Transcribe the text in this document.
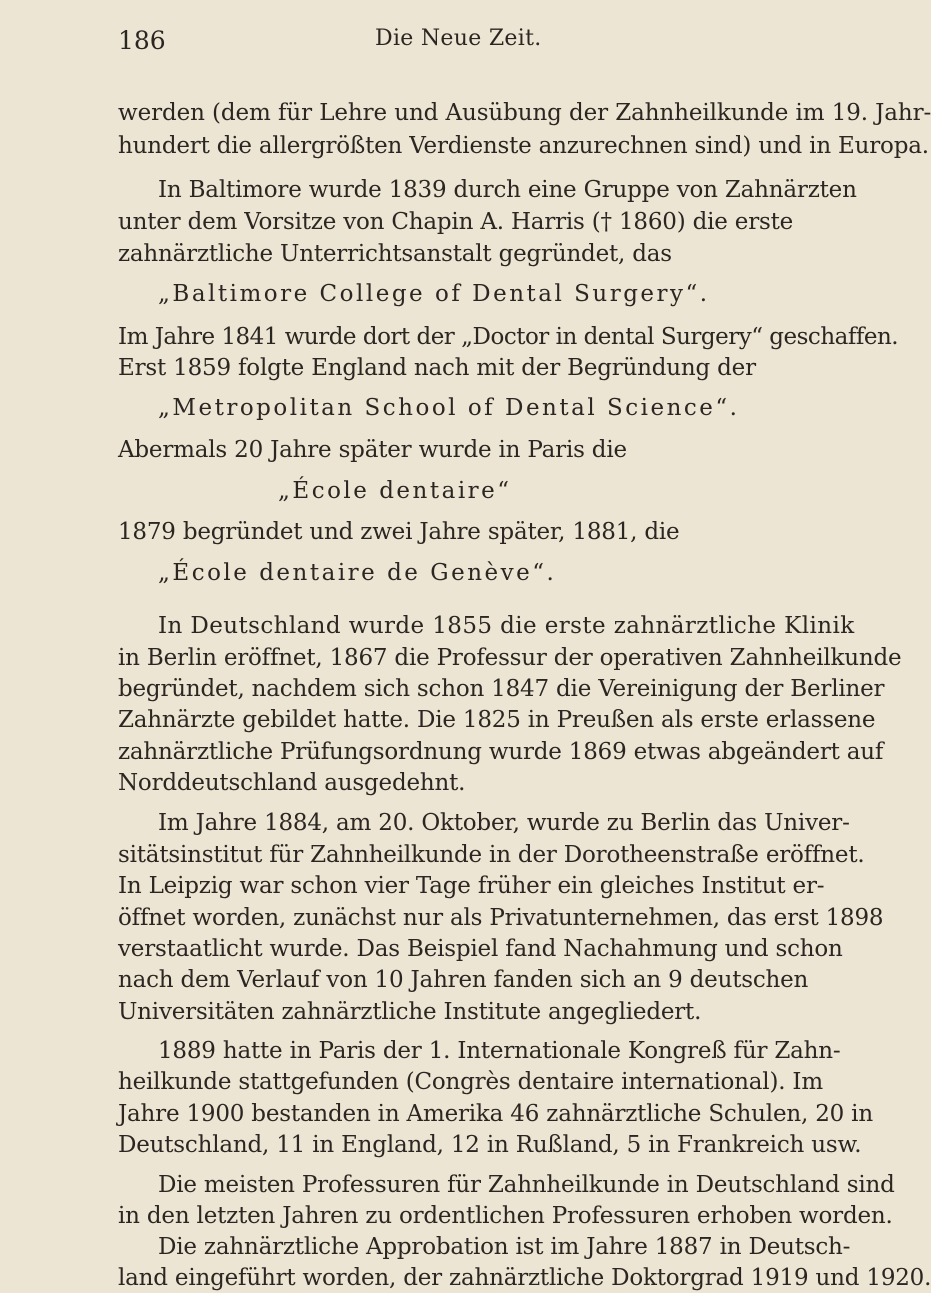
186	Die Neue Zeit.
werden (dem für Lehre und Ausübung der Zahnheilkunde im 19. Jahr-
hundert die allergrößten Verdienste anzurechnen sind) und in Europa.
In Baltimore wurde 1839 durch eine Gruppe von Zahnärzten
unter dem Vorsitze von Chapin A. Harris († 1860) die erste
zahnärztliche Unterrichtsanstalt gegründet, das
„Baltimore College of Dental Surgery“.
Im Jahre 1841 wurde dort der „Doctor in dental Surgery“ geschaffen.
Erst 1859 folgte England nach mit der Begründung der
„Metropolitan School of Dental Science“.
Abermals 20 Jahre später wurde in Paris die
„École dentaire“
1879 begründet und zwei Jahre später, 1881, die
„École dentaire de Genève“.
In Deutschland wurde 1855 die erste zahnärztliche Klinik
in Berlin eröffnet, 1867 die Professur der operativen Zahnheilkunde
begründet, nachdem sich schon 1847 die Vereinigung der Berliner
Zahnärzte gebildet hatte. Die 1825 in Preußen als erste erlassene
zahnärztliche Prüfungsordnung wurde 1869 etwas abgeändert auf
Norddeutschland ausgedehnt.
Im Jahre 1884, am 20. Oktober, wurde zu Berlin das Univer-
sitätsinstitut für Zahnheilkunde in der Dorotheenstraße eröffnet.
In Leipzig war schon vier Tage früher ein gleiches Institut er-
öffnet worden, zunächst nur als Privatunternehmen, das erst 1898
verstaatlicht wurde. Das Beispiel fand Nachahmung und schon
nach dem Verlauf von 10 Jahren fanden sich an 9 deutschen
Universitäten zahnärztliche Institute angegliedert.
1889 hatte in Paris der 1. Internationale Kongreß für Zahn-
heilkunde stattgefunden (Congrès dentaire international). Im
Jahre 1900 bestanden in Amerika 46 zahnärztliche Schulen, 20 in
Deutschland, 11 in England, 12 in Rußland, 5 in Frankreich usw.
Die meisten Professuren für Zahnheilkunde in Deutschland sind
in den letzten Jahren zu ordentlichen Professuren erhoben worden.
Die zahnärztliche Approbation ist im Jahre 1887 in Deutsch-
land eingeführt worden, der zahnärztliche Doktorgrad 1919 und 1920.
